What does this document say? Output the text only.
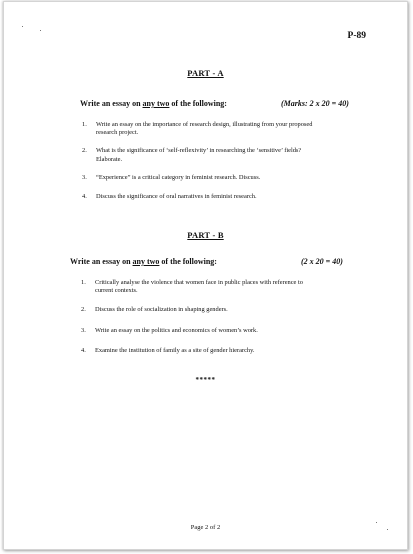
P-89
PART - A
Write an essay on any two of the following:	(Marks: 2 x 20 = 40)
1. Write an essay on the importance of research design, illustrating from your proposed
research project.
2. What is the significance of ‘self-reflexivity’ in researching the ‘sensitive’ fields?
Elaborate.
3. “Experience” is a critical category in feminist research. Discuss.
4. Discuss the significance of oral narratives in feminist research.
PART - B
Write an essay on any two of the following:	(2 x 20 = 40)
1. Critically analyse the violence that women face in public places with reference to
current contexts.
2. Discuss the role of socialization in shaping genders.
3. Write an essay on the politics and economics of women’s work.
4. Examine the institution of family as a site of gender hierarchy.
*****
Page 2 of 2
